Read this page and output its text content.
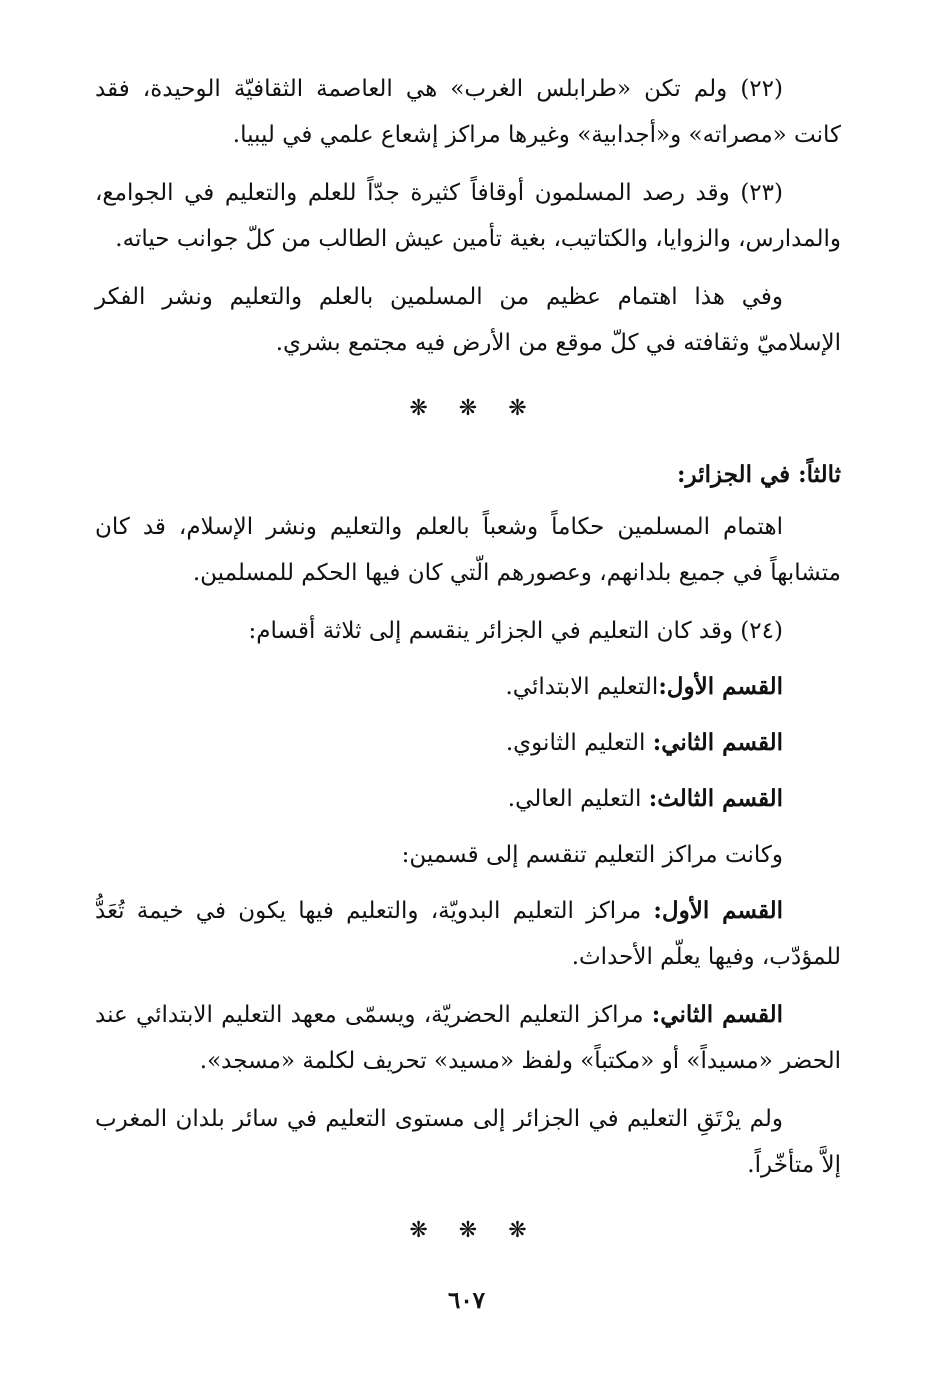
(٢٢) ولم تكن «طرابلس الغرب» هي العاصمة الثقافيّة الوحيدة، فقد كانت «مصراته» و«أجدابية» وغيرها مراكز إشعاع علمي في ليبيا.

(٢٣) وقد رصد المسلمون أوقافاً كثيرة جدّاً للعلم والتعليم في الجوامع، والمدارس، والزوايا، والكتاتيب، بغية تأمين عيش الطالب من كلّ جوانب حياته.

وفي هذا اهتمام عظيم من المسلمين بالعلم والتعليم ونشر الفكر الإسلاميّ وثقافته في كلّ موقع من الأرض فيه مجتمع بشري.

❋ ❋ ❋
ثالثاً: في الجزائر:

اهتمام المسلمين حكاماً وشعباً بالعلم والتعليم ونشر الإسلام، قد كان متشابهاً في جميع بلدانهم، وعصورهم الّتي كان فيها الحكم للمسلمين.

(٢٤) وقد كان التعليم في الجزائر ينقسم إلى ثلاثة أقسام:

القسم الأول:التعليم الابتدائي.

القسم الثاني: التعليم الثانوي.

القسم الثالث: التعليم العالي.

وكانت مراكز التعليم تنقسم إلى قسمين:

القسم الأول: مراكز التعليم البدويّة، والتعليم فيها يكون في خيمة تُعَدُّ للمؤدّب، وفيها يعلّم الأحداث.

القسم الثاني: مراكز التعليم الحضريّة، ويسمّى معهد التعليم الابتدائي عند الحضر «مسيداً» أو «مكتباً» ولفظ «مسيد» تحريف لكلمة «مسجد».

ولم يرْتَقِ التعليم في الجزائر إلى مستوى التعليم في سائر بلدان المغرب إلاَّ متأخّراً.

❋ ❋ ❋
٦٠٧
